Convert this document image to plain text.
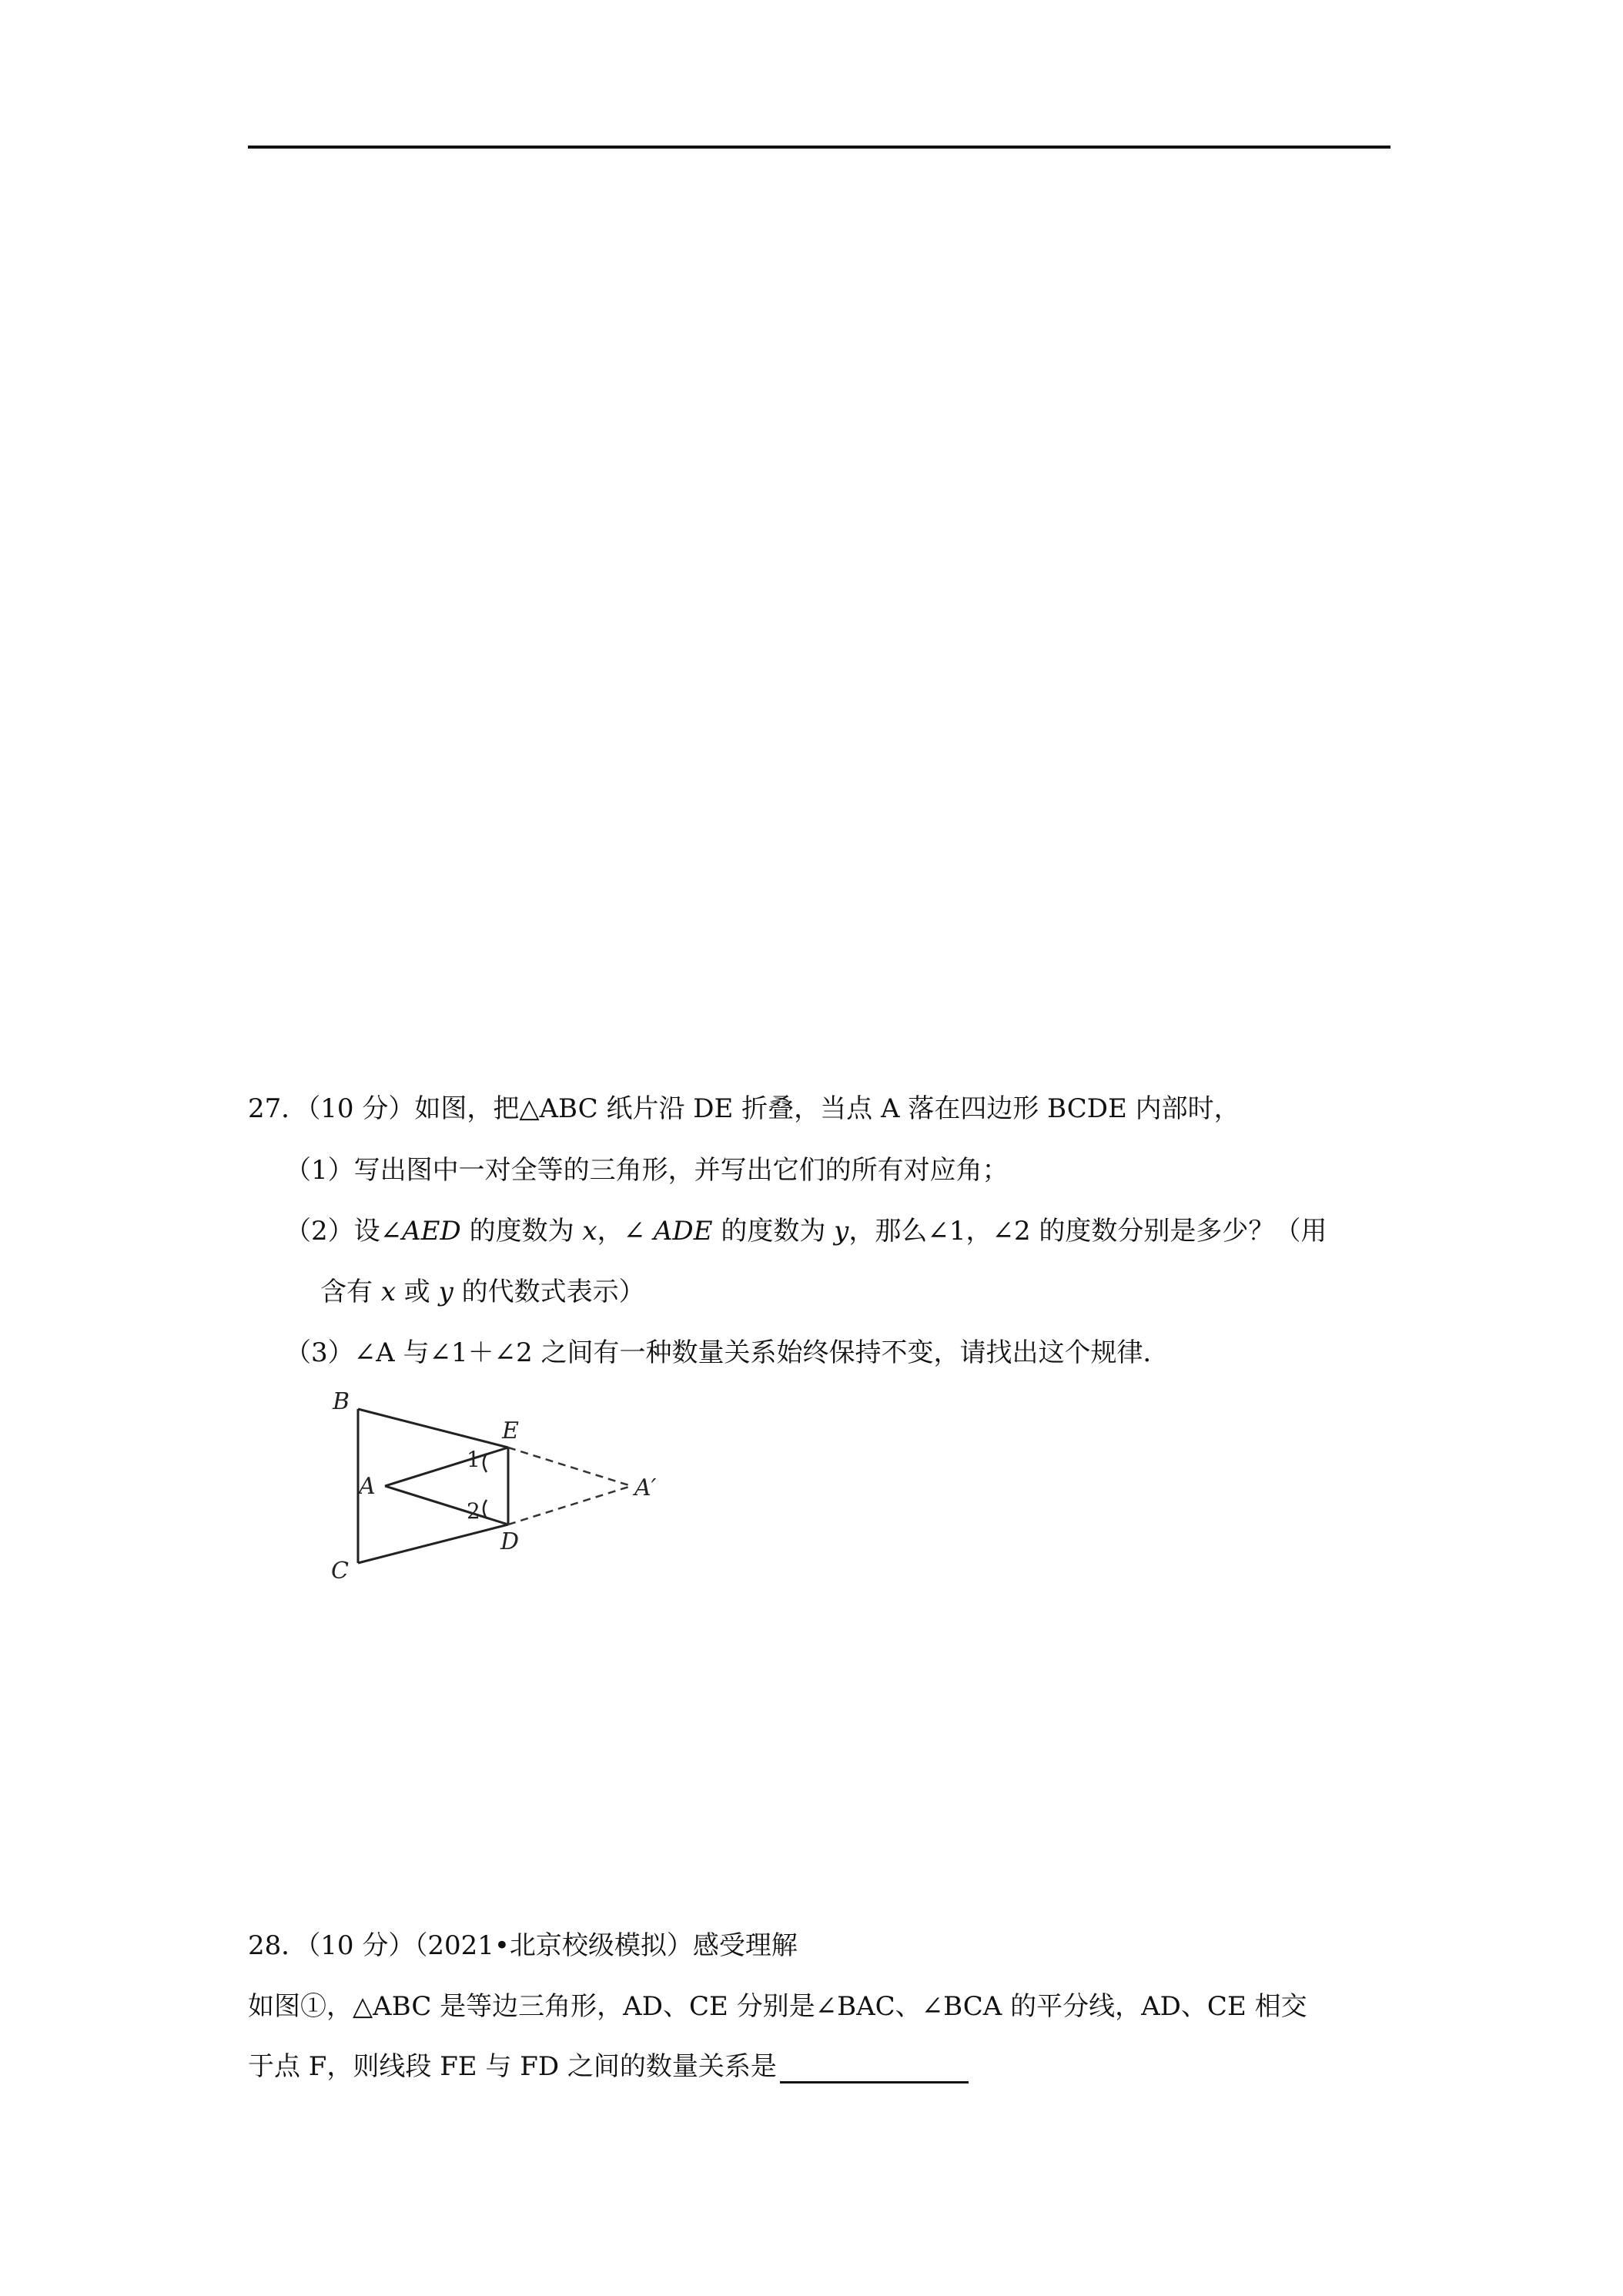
27．（10 分）如图，把△ABC 纸片沿 DE 折叠，当点 A 落在四边形 BCDE 内部时，
（1）写出图中一对全等的三角形，并写出它们的所有对应角；
（2）设∠AED 的度数为 x，∠ ADE 的度数为 y，那么∠1，∠2 的度数分别是多少？（用
含有 x 或 y 的代数式表示）
（3）∠A 与∠1＋∠2 之间有一种数量关系始终保持不变，请找出这个规律．
B
C
E
D
A	A′
1
2
28．（10 分）（2021•北京校级模拟）感受理解
如图①，△ABC 是等边三角形，AD、CE 分别是∠BAC、∠BCA 的平分线，AD、CE 相交
于点 F，则线段 FE 与 FD 之间的数量关系是
